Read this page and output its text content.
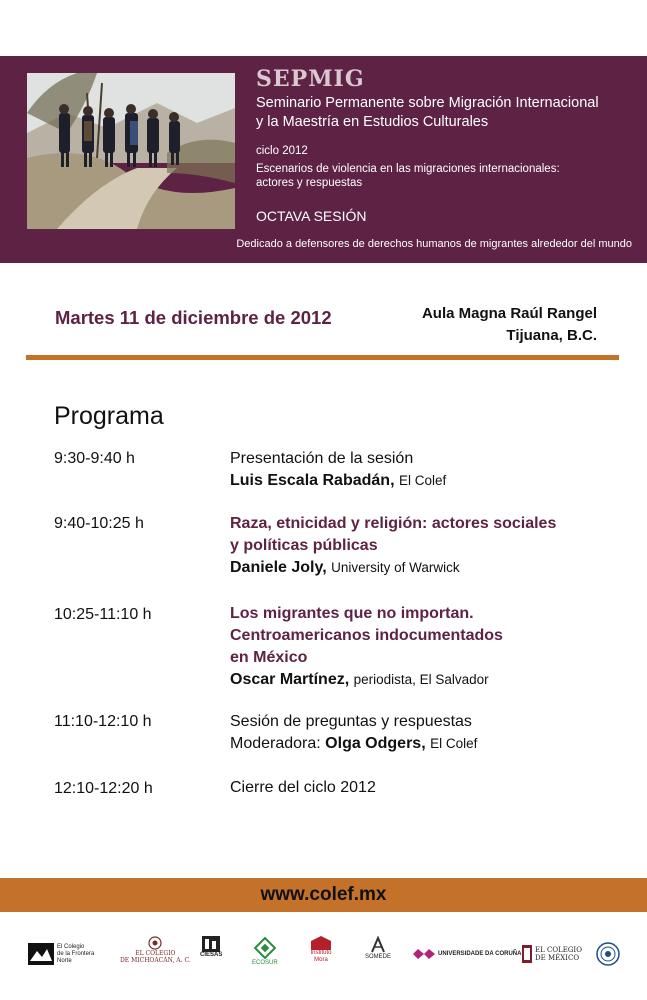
SEPMIG
Seminario Permanente sobre Migración Internacional
y la Maestría en Estudios Culturales
ciclo 2012
Escenarios de violencia en las migraciones internacionales:
actores y respuestas
OCTAVA SESIÓN
Dedicado a defensores de derechos humanos de migrantes alrededor del mundo
Martes 11 de diciembre de 2012	Aula Magna Raúl Rangel
Tijuana, B.C.
Programa
9:30-9:40 h	Presentación de la sesión
Luis Escala Rabadán, El Colef
9:40-10:25 h	Raza, etnicidad y religión: actores sociales
y políticas públicas
Daniele Joly, University of Warwick
10:25-11:10 h	Los migrantes que no importan.
Centroamericanos indocumentados
en México
Oscar Martínez, periodista, El Salvador
11:10-12:10 h	Sesión de preguntas y respuestas
Moderadora: Olga Odgers, El Colef
12:10-12:20 h	Cierre del ciclo 2012
www.colef.mx
El Colegio
de la Frontera
Norte
EL COLEGIO
DE MICHOACÁN, A. C.
CIESAS
ECOSUR
Instituto
Mora	SOMEDE
UNIVERSIDADE DA CORUÑA EL COLEGIO
DE MÉXICO
